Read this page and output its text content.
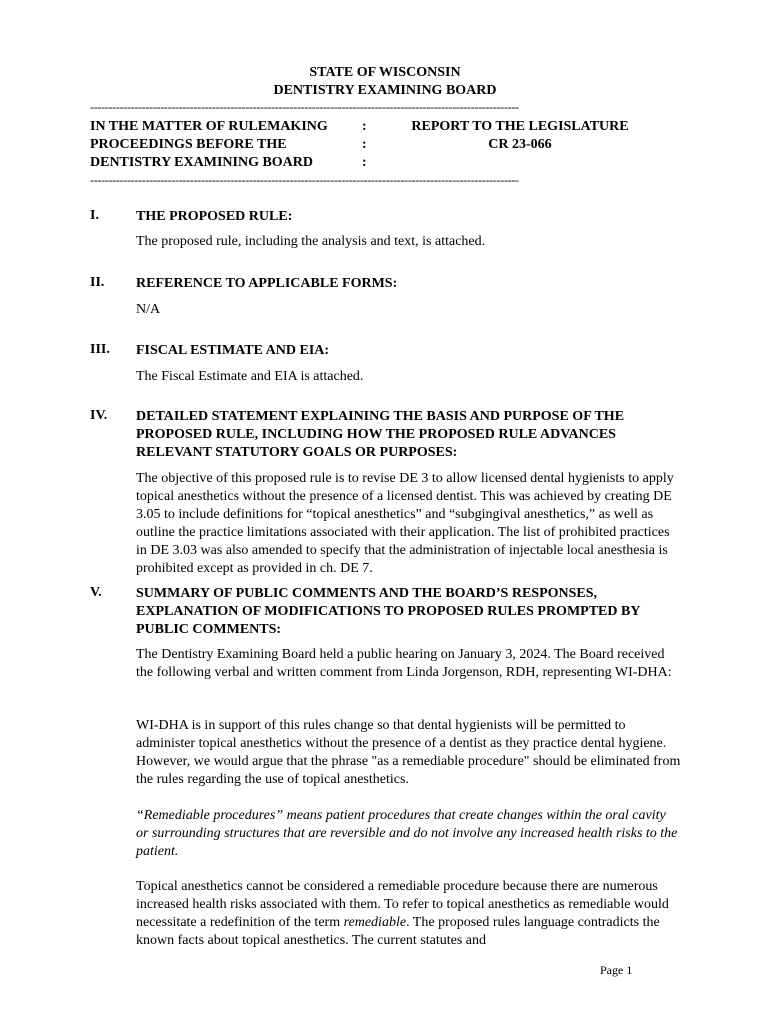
STATE OF WISCONSIN
DENTISTRY EXAMINING BOARD
--------------------------------------------------------------------------------------------------------------------
IN THE MATTER OF RULEMAKING
PROCEEDINGS BEFORE THE
DENTISTRY EXAMINING BOARD
:
:
:
REPORT TO THE LEGISLATURE
CR 23-066
--------------------------------------------------------------------------------------------------------------------
I.	THE PROPOSED RULE:
The proposed rule, including the analysis and text, is attached.
II. REFERENCE TO APPLICABLE FORMS:
N/A
III. FISCAL ESTIMATE AND EIA:
The Fiscal Estimate and EIA is attached.
IV. DETAILED STATEMENT EXPLAINING THE BASIS AND PURPOSE OF THE PROPOSED RULE, INCLUDING HOW THE PROPOSED RULE ADVANCES RELEVANT STATUTORY GOALS OR PURPOSES:
The objective of this proposed rule is to revise DE 3 to allow licensed dental hygienists to apply topical anesthetics without the presence of a licensed dentist. This was achieved by creating DE 3.05 to include definitions for “topical anesthetics” and “subgingival anesthetics,” as well as outline the practice limitations associated with their application. The list of prohibited practices in DE 3.03 was also amended to specify that the administration of injectable local anesthesia is prohibited except as provided in ch. DE 7.
V. SUMMARY OF PUBLIC COMMENTS AND THE BOARD’S RESPONSES, EXPLANATION OF MODIFICATIONS TO PROPOSED RULES PROMPTED BY PUBLIC COMMENTS:
The Dentistry Examining Board held a public hearing on January 3, 2024. The Board received the following verbal and written comment from Linda Jorgenson, RDH, representing WI-DHA:
WI-DHA is in support of this rules change so that dental hygienists will be permitted to administer topical anesthetics without the presence of a dentist as they practice dental hygiene. However, we would argue that the phrase "as a remediable procedure" should be eliminated from the rules regarding the use of topical anesthetics.
“Remediable procedures” means patient procedures that create changes within the oral cavity or surrounding structures that are reversible and do not involve any increased health risks to the patient.
Topical anesthetics cannot be considered a remediable procedure because there are numerous increased health risks associated with them. To refer to topical anesthetics as remediable would necessitate a redefinition of the term remediable. The proposed rules language contradicts the known facts about topical anesthetics. The current statutes and
Page 1
